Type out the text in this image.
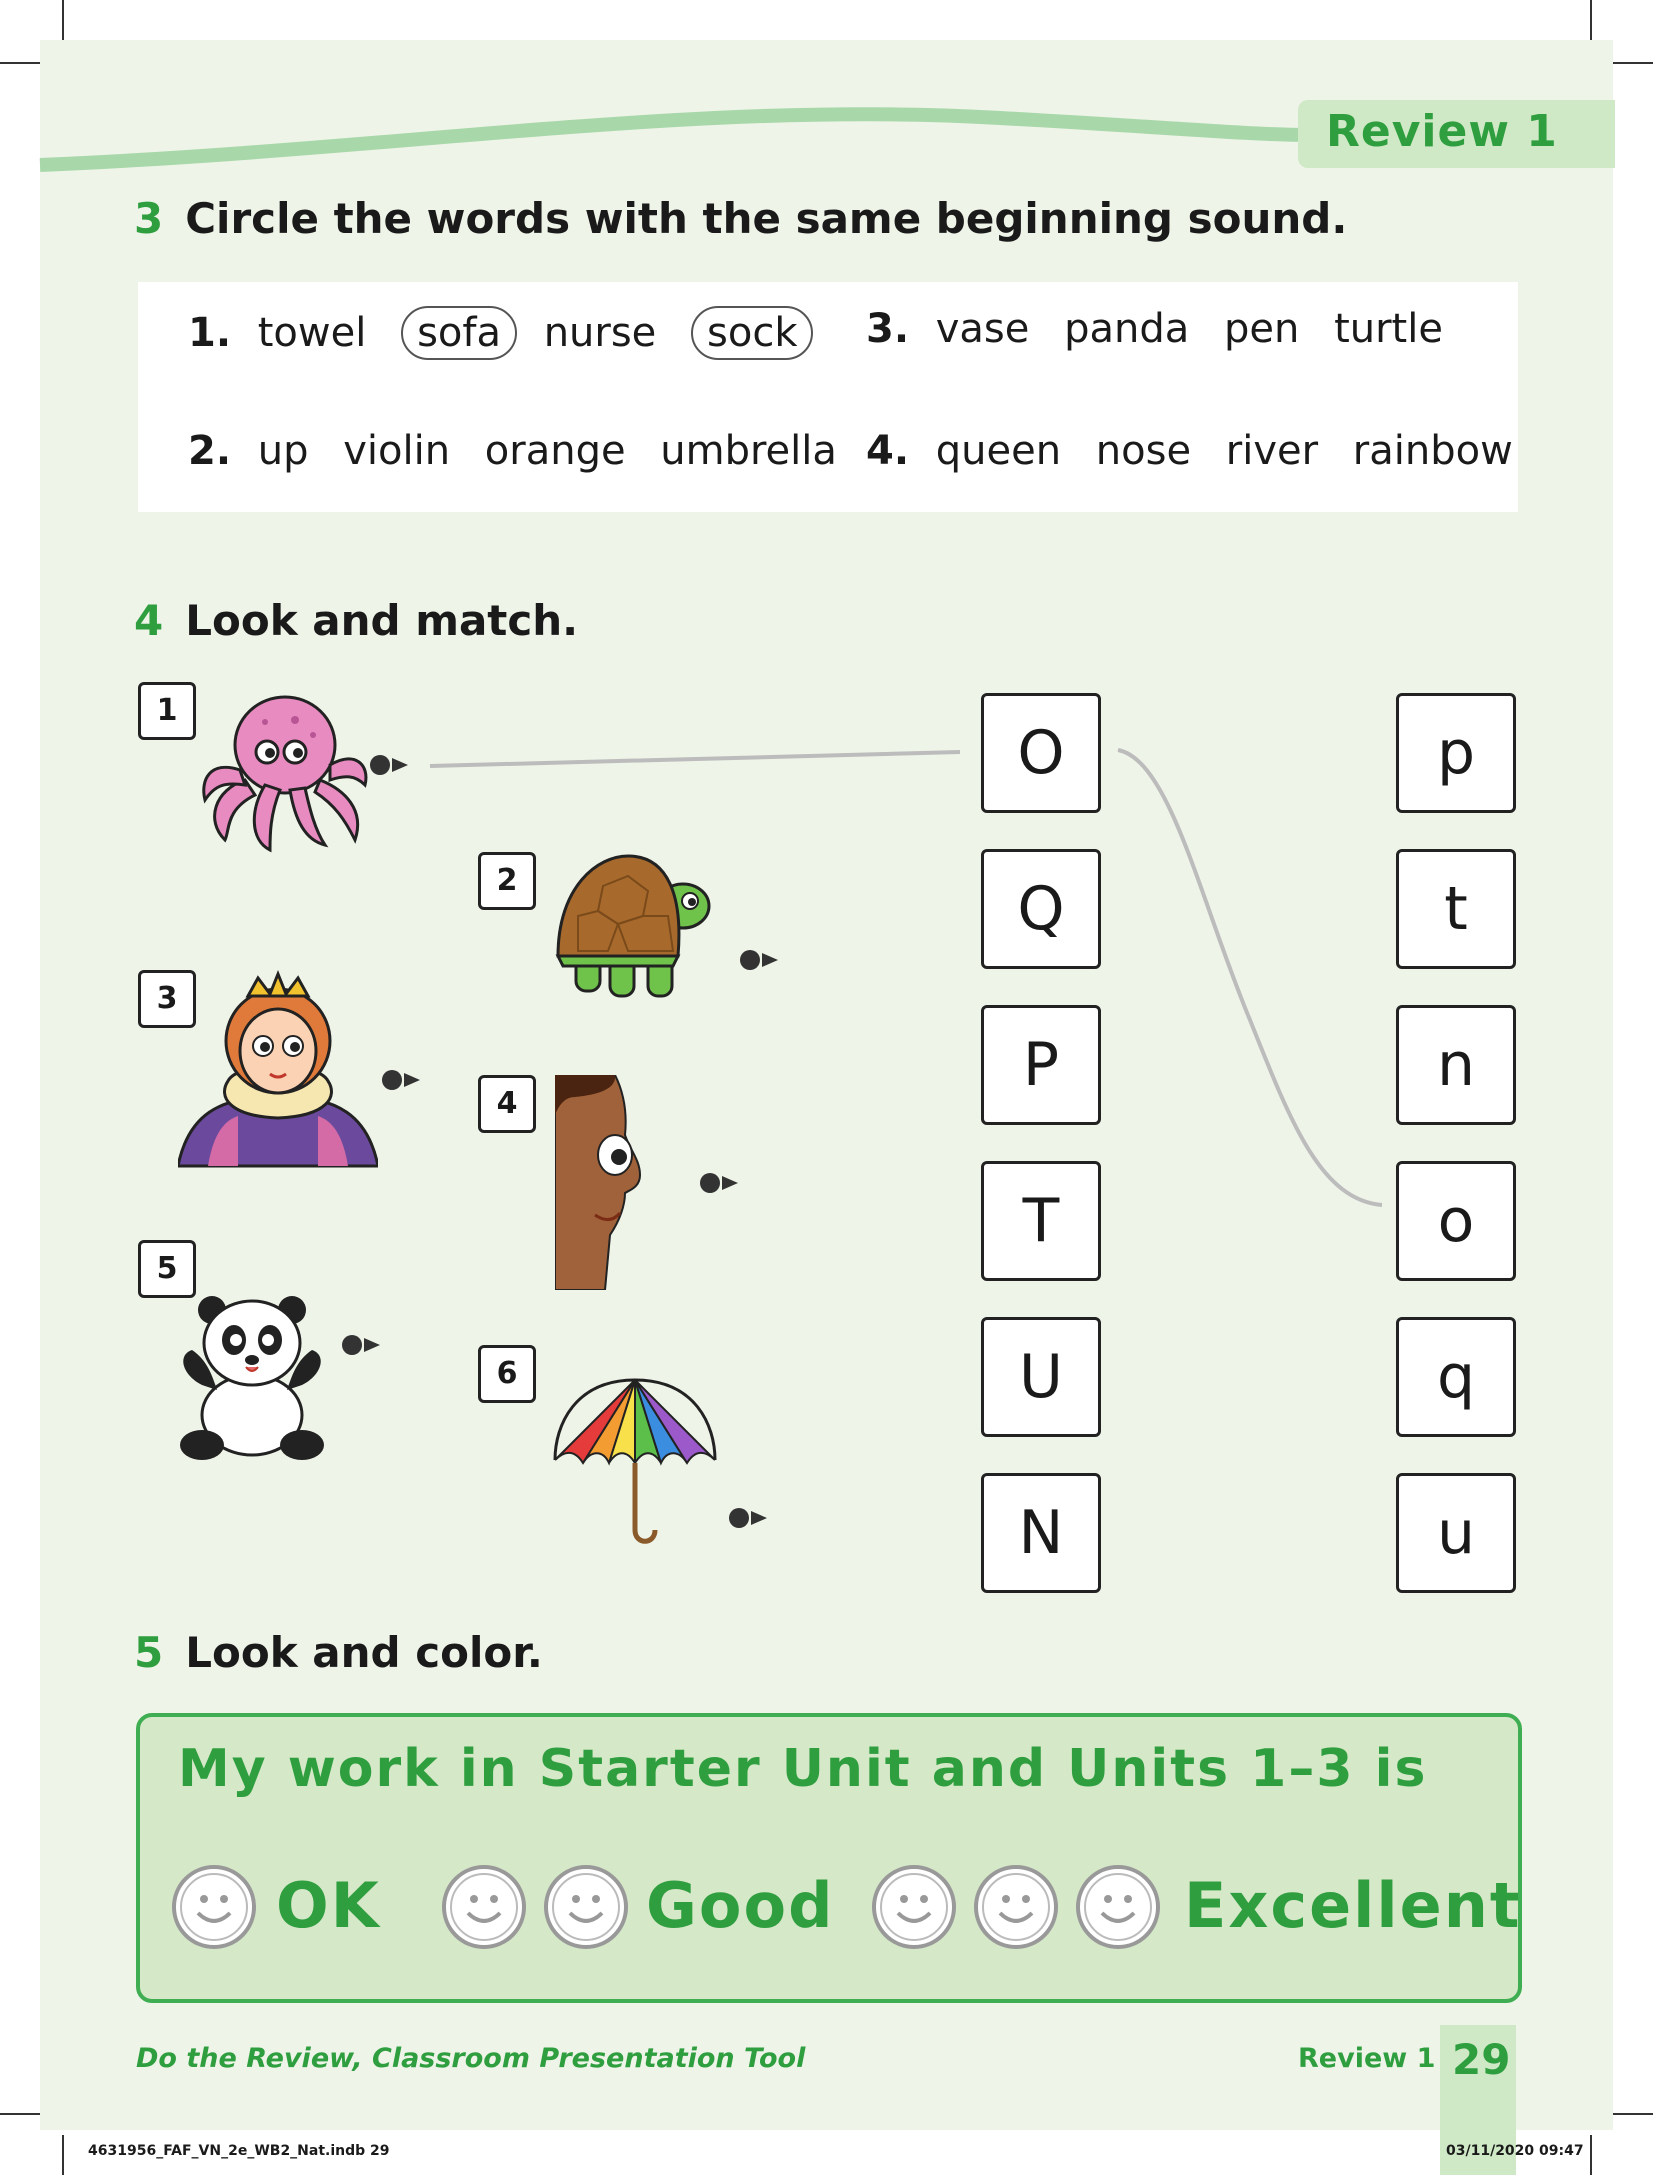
Review 1
3 Circle the words with the same beginning sound.
1. towel sofa nurse sock
2. up violin orange umbrella
3. vase panda pen turtle
4. queen nose river rainbow
4 Look and match.
1
2
3
4
5
6
O
Q
P
T
U
N
p
t
n
o
q
u
5 Look and color.
My work in Starter Unit and Units 1–3 is
OK	Good	Excellent
Do the Review, Classroom Presentation Tool	Review 1 29
4631956_FAF_VN_2e_WB2_Nat.indb 29	03/11/2020 09:47
